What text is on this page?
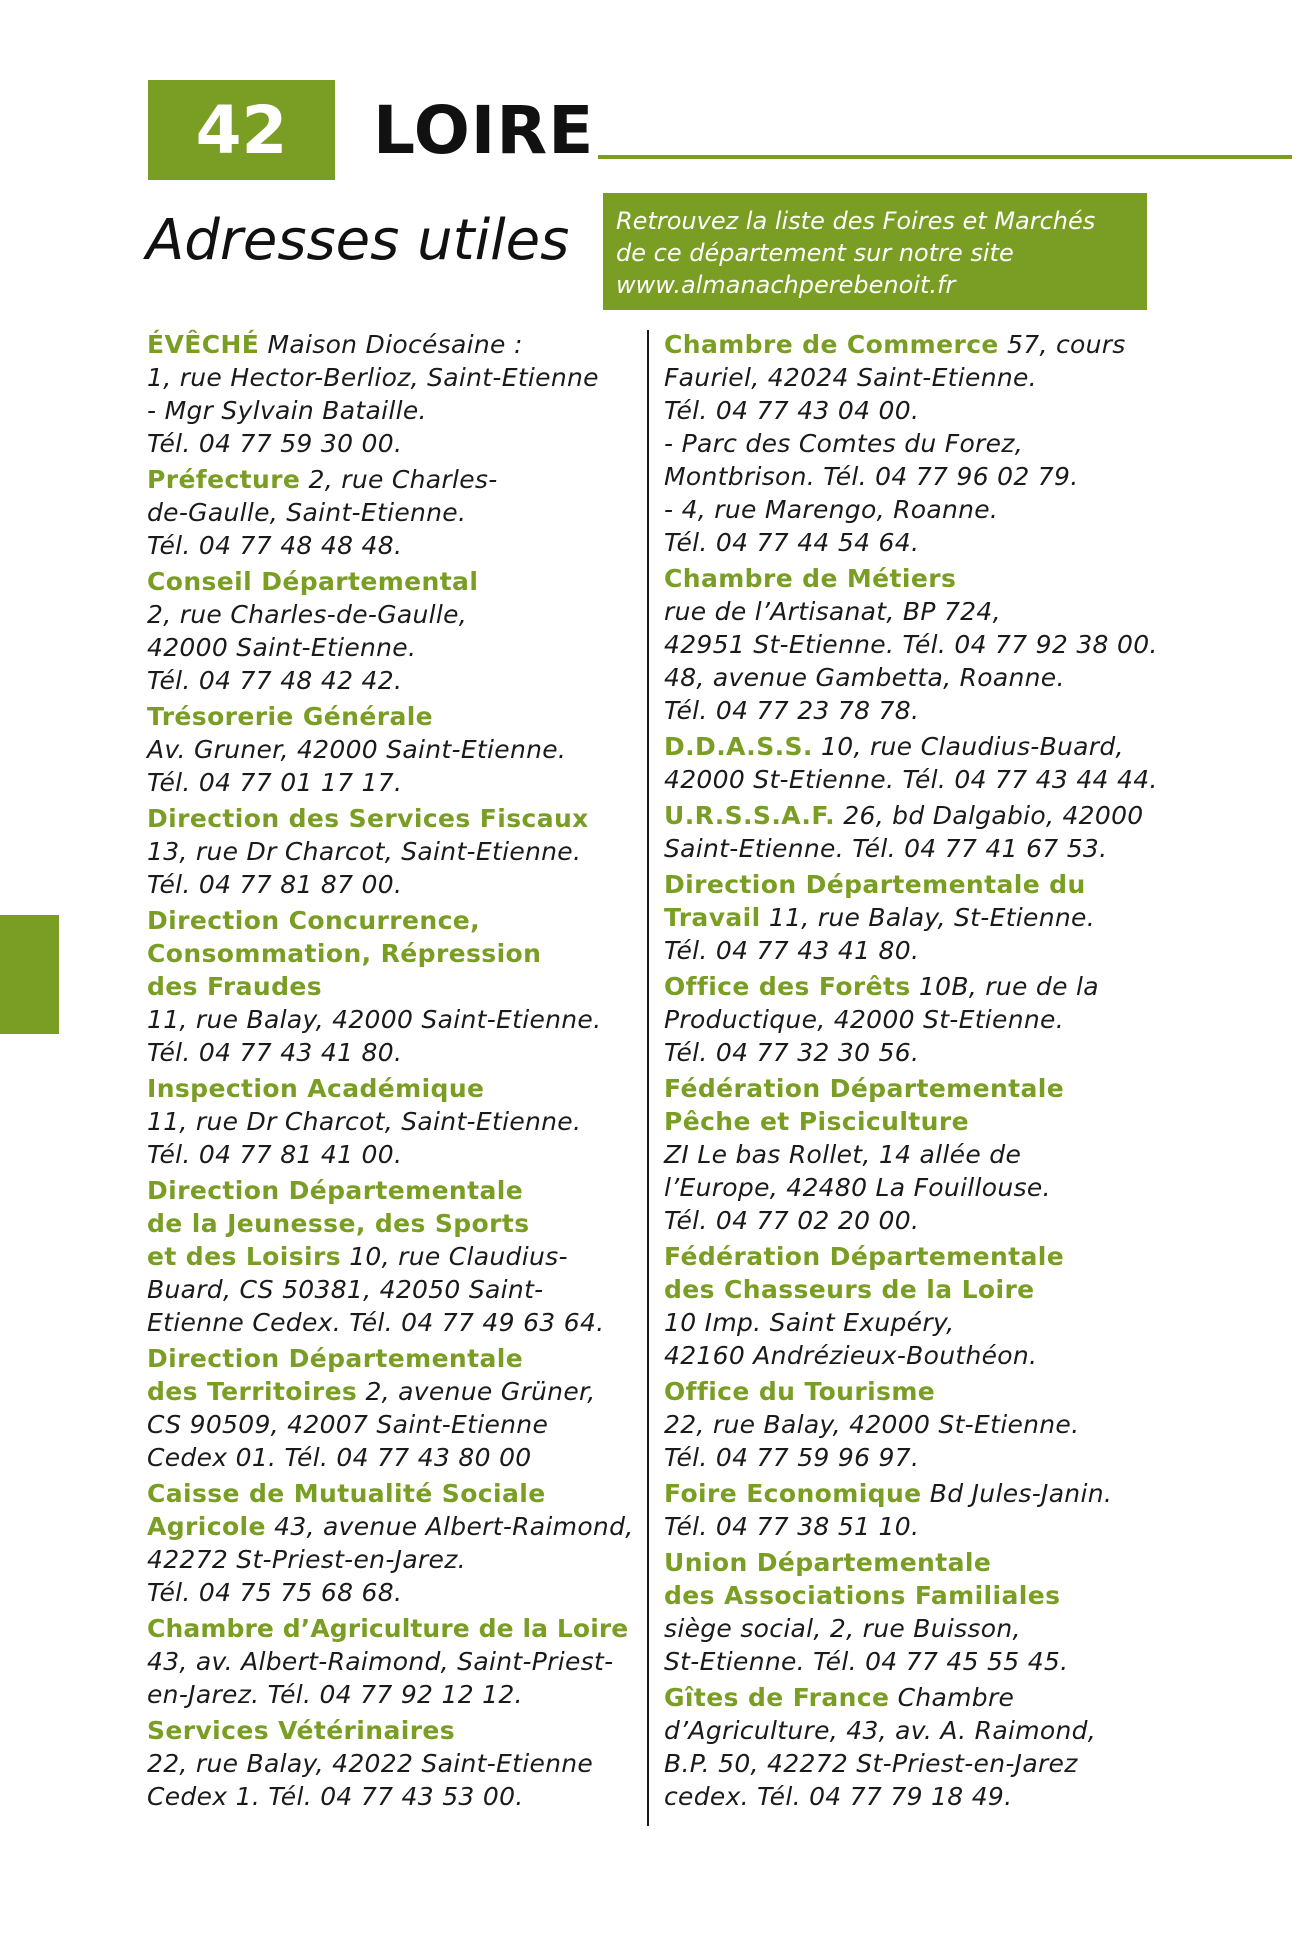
42	LOIRE
Adresses utiles Retrouvez la liste des Foires et Marchés
de ce département sur notre site
www.almanachperebenoit.fr
ÉVÊCHÉ Maison Diocésaine :
1, rue Hector-Berlioz, Saint-Etienne
- Mgr Sylvain Bataille.
Tél. 04 77 59 30 00.
Préfecture 2, rue Charles-
de-Gaulle, Saint-Etienne.
Tél. 04 77 48 48 48.
Conseil Départemental
2, rue Charles-de-Gaulle,
42000 Saint-Etienne.
Tél. 04 77 48 42 42.
Trésorerie Générale
Av. Gruner, 42000 Saint-Etienne.
Tél. 04 77 01 17 17.
Direction des Services Fiscaux
13, rue Dr Charcot, Saint-Etienne.
Tél. 04 77 81 87 00.
Direction Concurrence,
Consommation, Répression
des Fraudes
11, rue Balay, 42000 Saint-Etienne.
Tél. 04 77 43 41 80.
Inspection Académique
11, rue Dr Charcot, Saint-Etienne.
Tél. 04 77 81 41 00.
Direction Départementale
de la Jeunesse, des Sports
et des Loisirs 10, rue Claudius-
Buard, CS 50381, 42050 Saint-
Etienne Cedex. Tél. 04 77 49 63 64.
Direction Départementale
des Territoires 2, avenue Grüner,
CS 90509, 42007 Saint-Etienne
Cedex 01. Tél. 04 77 43 80 00
Caisse de Mutualité Sociale
Agricole 43, avenue Albert-Raimond,
42272 St-Priest-en-Jarez.
Tél. 04 75 75 68 68.
Chambre d’Agriculture de la Loire
43, av. Albert-Raimond, Saint-Priest-
en-Jarez. Tél. 04 77 92 12 12.
Services Vétérinaires
22, rue Balay, 42022 Saint-Etienne
Cedex 1. Tél. 04 77 43 53 00.
Chambre de Commerce 57, cours
Fauriel, 42024 Saint-Etienne.
Tél. 04 77 43 04 00.
- Parc des Comtes du Forez,
Montbrison. Tél. 04 77 96 02 79.
- 4, rue Marengo, Roanne.
Tél. 04 77 44 54 64.
Chambre de Métiers
rue de l’Artisanat, BP 724,
42951 St-Etienne. Tél. 04 77 92 38 00.
48, avenue Gambetta, Roanne.
Tél. 04 77 23 78 78.
D.D.A.S.S. 10, rue Claudius-Buard,
42000 St-Etienne. Tél. 04 77 43 44 44.
U.R.S.S.A.F. 26, bd Dalgabio, 42000
Saint-Etienne. Tél. 04 77 41 67 53.
Direction Départementale du
Travail 11, rue Balay, St-Etienne.
Tél. 04 77 43 41 80.
Office des Forêts 10B, rue de la
Productique, 42000 St-Etienne.
Tél. 04 77 32 30 56.
Fédération Départementale
Pêche et Pisciculture
ZI Le bas Rollet, 14 allée de
l’Europe, 42480 La Fouillouse.
Tél. 04 77 02 20 00.
Fédération Départementale
des Chasseurs de la Loire
10 Imp. Saint Exupéry,
42160 Andrézieux-Bouthéon.
Office du Tourisme
22, rue Balay, 42000 St-Etienne.
Tél. 04 77 59 96 97.
Foire Economique Bd Jules-Janin.
Tél. 04 77 38 51 10.
Union Départementale
des Associations Familiales
siège social, 2, rue Buisson,
St-Etienne. Tél. 04 77 45 55 45.
Gîtes de France Chambre
d’Agriculture, 43, av. A. Raimond,
B.P. 50, 42272 St-Priest-en-Jarez
cedex. Tél. 04 77 79 18 49.
